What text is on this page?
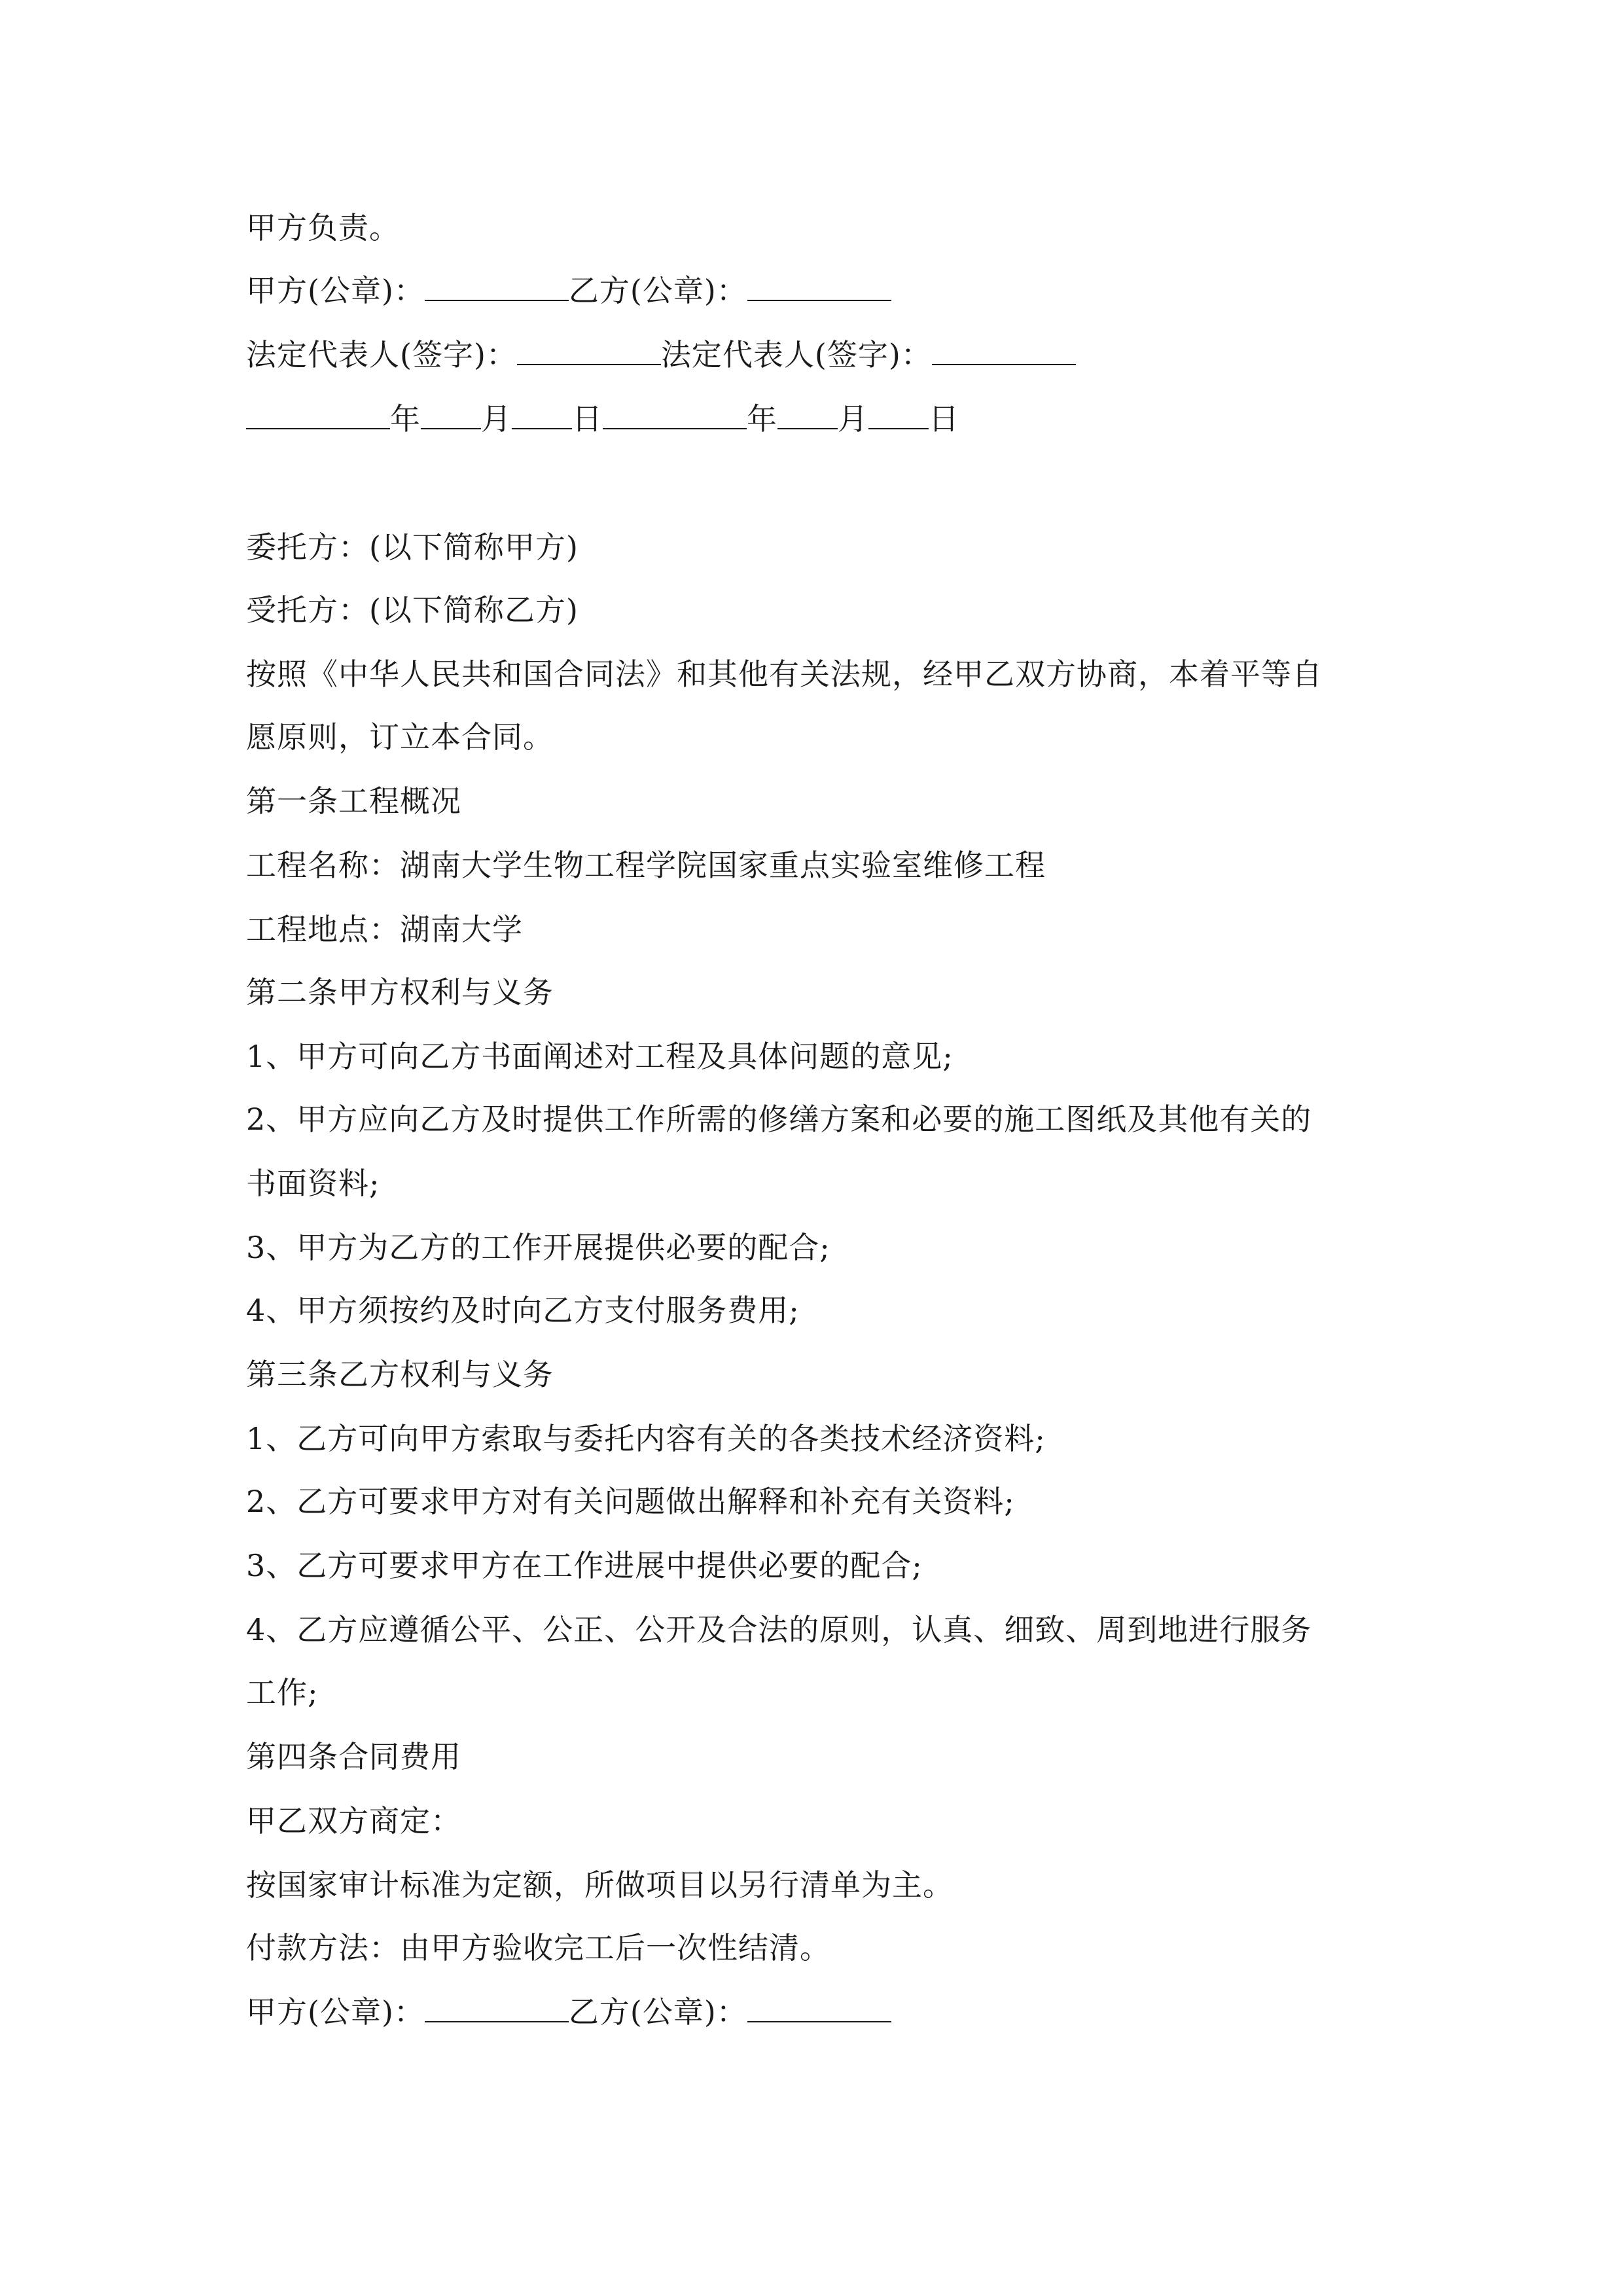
甲方负责。
甲方(公章)：	乙方(公章)：
法定代表人(签字)：	法定代表人(签字)：
年 月 日	年 月 日
委托方：(以下简称甲方)
受托方：(以下简称乙方)
按照《中华人民共和国合同法》和其他有关法规，经甲乙双方协商，本着平等自
愿原则，订立本合同。
第一条工程概况
工程名称：湖南大学生物工程学院国家重点实验室维修工程
工程地点：湖南大学
第二条甲方权利与义务
1、甲方可向乙方书面阐述对工程及具体问题的意见;
2、甲方应向乙方及时提供工作所需的修缮方案和必要的施工图纸及其他有关的
书面资料;
3、甲方为乙方的工作开展提供必要的配合;
4、甲方须按约及时向乙方支付服务费用;
第三条乙方权利与义务
1、乙方可向甲方索取与委托内容有关的各类技术经济资料;
2、乙方可要求甲方对有关问题做出解释和补充有关资料;
3、乙方可要求甲方在工作进展中提供必要的配合;
4、乙方应遵循公平、公正、公开及合法的原则，认真、细致、周到地进行服务
工作;
第四条合同费用
甲乙双方商定：
按国家审计标准为定额，所做项目以另行清单为主。
付款方法：由甲方验收完工后一次性结清。
甲方(公章)：	乙方(公章)：
